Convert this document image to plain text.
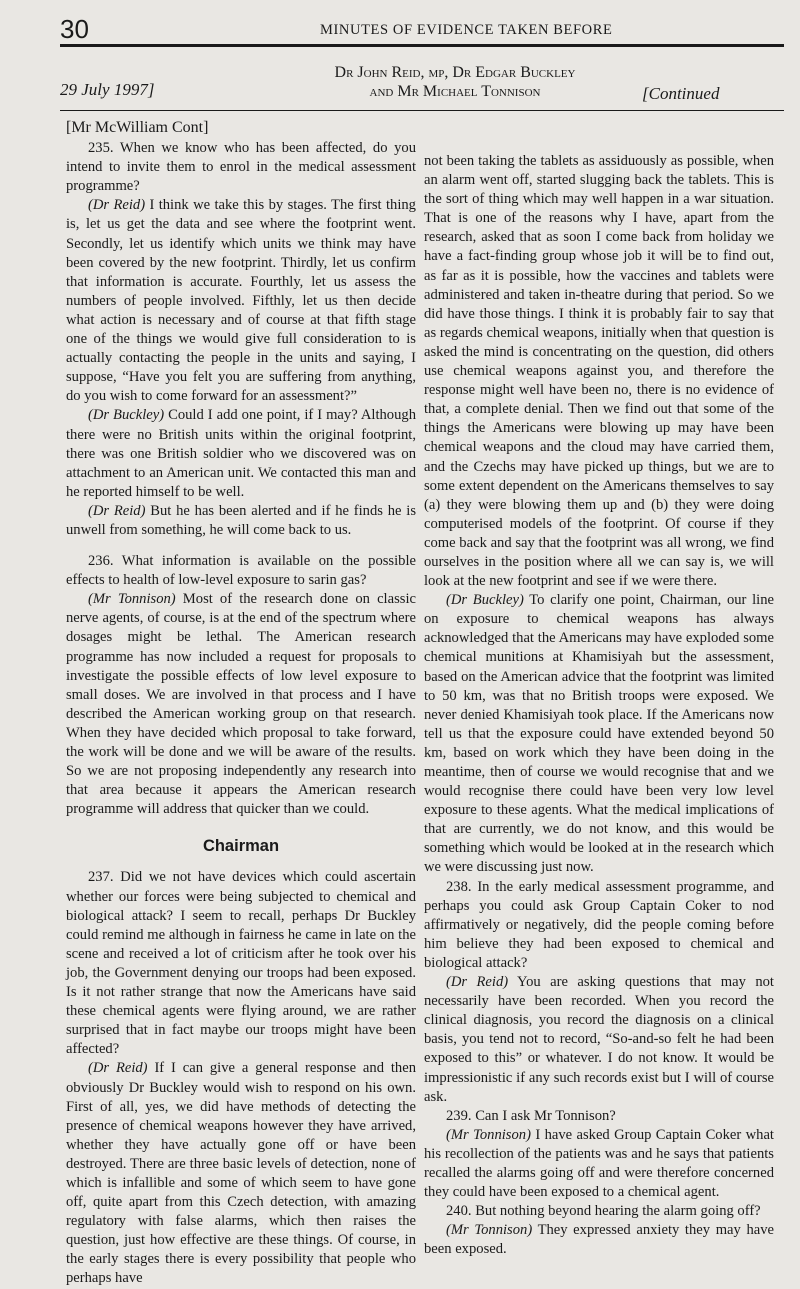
30	MINUTES OF EVIDENCE TAKEN BEFORE
29 July 1997]
Dr John Reid, mp, Dr Edgar Buckley
and Mr Michael Tonnison	[Continued

[Mr McWilliam Cont]

235. When we know who has been affected, do you intend to invite them to enrol in the medical assessment programme?

(Dr Reid) I think we take this by stages. The first thing is, let us get the data and see where the footprint went. Secondly, let us identify which units we think may have been covered by the new footprint. Thirdly, let us confirm that information is accurate. Fourthly, let us assess the numbers of people involved. Fifthly, let us then decide what action is necessary and of course at that fifth stage one of the things we would give full consideration to is actually contacting the people in the units and saying, I suppose, “Have you felt you are suffering from anything, do you wish to come forward for an assessment?”

(Dr Buckley) Could I add one point, if I may? Although there were no British units within the original footprint, there was one British soldier who we discovered was on attachment to an American unit. We contacted this man and he reported himself to be well.

(Dr Reid) But he has been alerted and if he finds he is unwell from something, he will come back to us.

236. What information is available on the possible effects to health of low-level exposure to sarin gas?

(Mr Tonnison) Most of the research done on classic nerve agents, of course, is at the end of the spectrum where dosages might be lethal. The American research programme has now included a request for proposals to investigate the possible effects of low level exposure to small doses. We are involved in that process and I have described the American working group on that research. When they have decided which proposal to take forward, the work will be done and we will be aware of the results. So we are not proposing independently any research into that area because it appears the American research programme will address that quicker than we could.

Chairman

237. Did we not have devices which could ascertain whether our forces were being subjected to chemical and biological attack? I seem to recall, perhaps Dr Buckley could remind me although in fairness he came in late on the scene and received a lot of criticism after he took over his job, the Government denying our troops had been exposed. Is it not rather strange that now the Americans have said these chemical agents were flying around, we are rather surprised that in fact maybe our troops might have been affected?

(Dr Reid) If I can give a general response and then obviously Dr Buckley would wish to respond on his own. First of all, yes, we did have methods of detecting the presence of chemical weapons however they have arrived, whether they have actually gone off or have been destroyed. There are three basic levels of detection, none of which is infallible and some of which seem to have gone off, quite apart from this Czech detection, with amazing regulatory with false alarms, which then raises the question, just how effective are these things. Of course, in the early stages there is every possibility that people who perhaps have

not been taking the tablets as assiduously as possible, when an alarm went off, started slugging back the tablets. This is the sort of thing which may well happen in a war situation. That is one of the reasons why I have, apart from the research, asked that as soon I come back from holiday we have a fact-finding group whose job it will be to find out, as far as it is possible, how the vaccines and tablets were administered and taken in-theatre during that period. So we did have those things. I think it is probably fair to say that as regards chemical weapons, initially when that question is asked the mind is concentrating on the question, did others use chemical weapons against you, and therefore the response might well have been no, there is no evidence of that, a complete denial. Then we find out that some of the things the Americans were blowing up may have been chemical weapons and the cloud may have carried them, and the Czechs may have picked up things, but we are to some extent dependent on the Americans themselves to say (a) they were blowing them up and (b) they were doing computerised models of the footprint. Of course if they come back and say that the footprint was all wrong, we find ourselves in the position where all we can say is, we will look at the new footprint and see if we were there.

(Dr Buckley) To clarify one point, Chairman, our line on exposure to chemical weapons has always acknowledged that the Americans may have exploded some chemical munitions at Khamisiyah but the assessment, based on the American advice that the footprint was limited to 50 km, was that no British troops were exposed. We never denied Khamisiyah took place. If the Americans now tell us that the exposure could have extended beyond 50 km, based on work which they have been doing in the meantime, then of course we would recognise that and we would recognise there could have been very low level exposure to these agents. What the medical implications of that are currently, we do not know, and this would be something which would be looked at in the research which we were discussing just now.

238. In the early medical assessment programme, and perhaps you could ask Group Captain Coker to nod affirmatively or negatively, did the people coming before him believe they had been exposed to chemical and biological attack?

(Dr Reid) You are asking questions that may not necessarily have been recorded. When you record the clinical diagnosis, you record the diagnosis on a clinical basis, you tend not to record, “So-and-so felt he had been exposed to this” or whatever. I do not know. It would be impressionistic if any such records exist but I will of course ask.

239. Can I ask Mr Tonnison?

(Mr Tonnison) I have asked Group Captain Coker what his recollection of the patients was and he says that patients recalled the alarms going off and were therefore concerned they could have been exposed to a chemical agent.

240. But nothing beyond hearing the alarm going off?

(Mr Tonnison) They expressed anxiety they may have been exposed.
